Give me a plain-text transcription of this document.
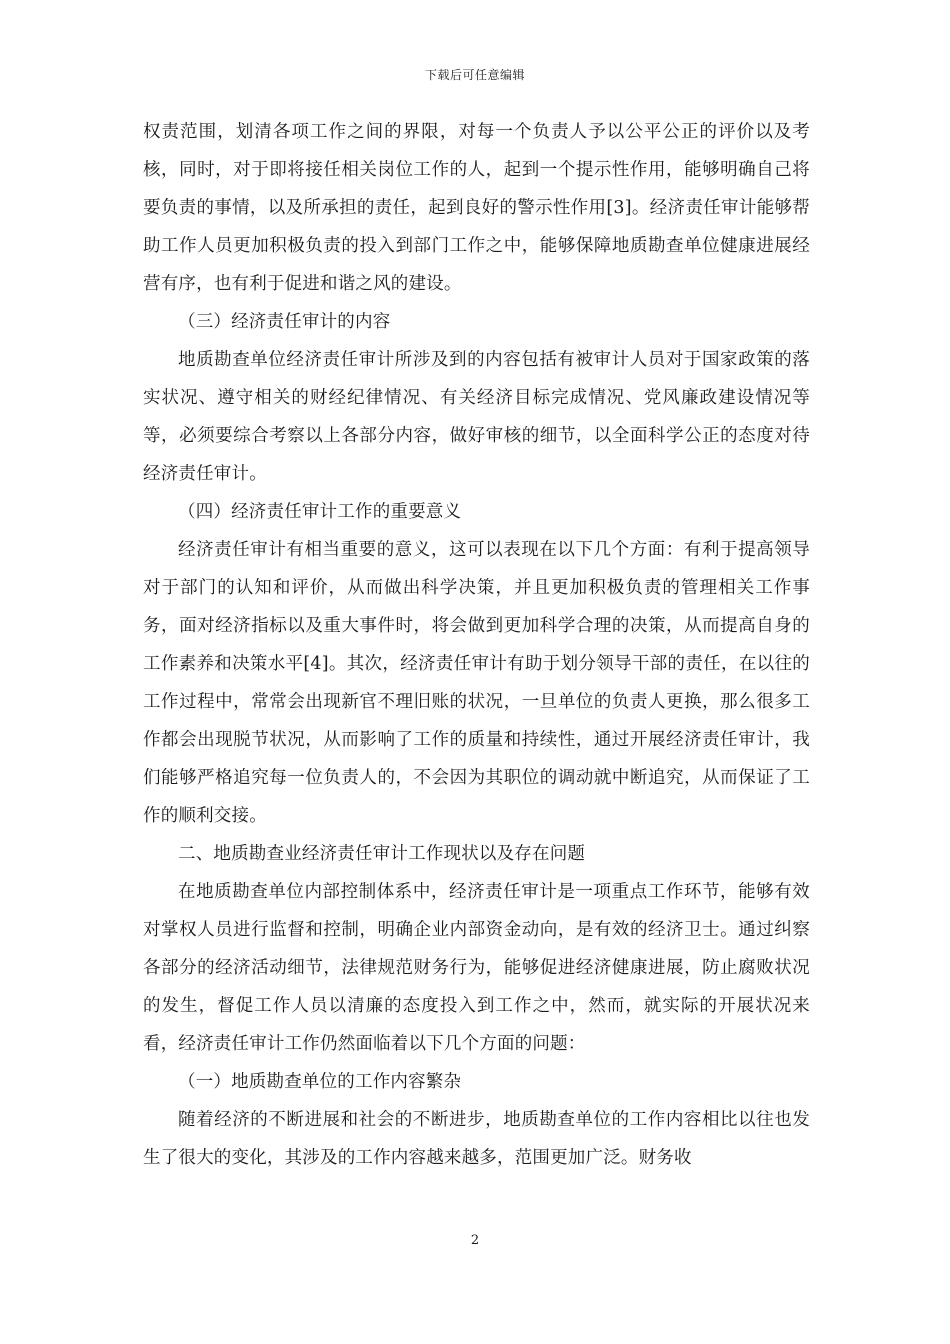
下载后可任意编辑

权责范围，划清各项工作之间的界限，对每一个负责人予以公平公正的评价以及考核，同时，对于即将接任相关岗位工作的人，起到一个提示性作用，能够明确自己将要负责的事情，以及所承担的责任，起到良好的警示性作用[3]。经济责任审计能够帮助工作人员更加积极负责的投入到部门工作之中，能够保障地质勘查单位健康进展经营有序，也有利于促进和谐之风的建设。

（三）经济责任审计的内容

地质勘查单位经济责任审计所涉及到的内容包括有被审计人员对于国家政策的落实状况、遵守相关的财经纪律情况、有关经济目标完成情况、党风廉政建设情况等等，必须要综合考察以上各部分内容，做好审核的细节，以全面科学公正的态度对待经济责任审计。

（四）经济责任审计工作的重要意义

经济责任审计有相当重要的意义，这可以表现在以下几个方面：有利于提高领导对于部门的认知和评价，从而做出科学决策，并且更加积极负责的管理相关工作事务，面对经济指标以及重大事件时，将会做到更加科学合理的决策，从而提高自身的工作素养和决策水平[4]。其次，经济责任审计有助于划分领导干部的责任，在以往的工作过程中，常常会出现新官不理旧账的状况，一旦单位的负责人更换，那么很多工作都会出现脱节状况，从而影响了工作的质量和持续性，通过开展经济责任审计，我们能够严格追究每一位负责人的，不会因为其职位的调动就中断追究，从而保证了工作的顺利交接。

二、地质勘查业经济责任审计工作现状以及存在问题

在地质勘查单位内部控制体系中，经济责任审计是一项重点工作环节，能够有效对掌权人员进行监督和控制，明确企业内部资金动向，是有效的经济卫士。通过纠察各部分的经济活动细节，法律规范财务行为，能够促进经济健康进展，防止腐败状况的发生，督促工作人员以清廉的态度投入到工作之中，然而，就实际的开展状况来看，经济责任审计工作仍然面临着以下几个方面的问题：

（一）地质勘查单位的工作内容繁杂

随着经济的不断进展和社会的不断进步，地质勘查单位的工作内容相比以往也发生了很大的变化，其涉及的工作内容越来越多，范围更加广泛。财务收

2
